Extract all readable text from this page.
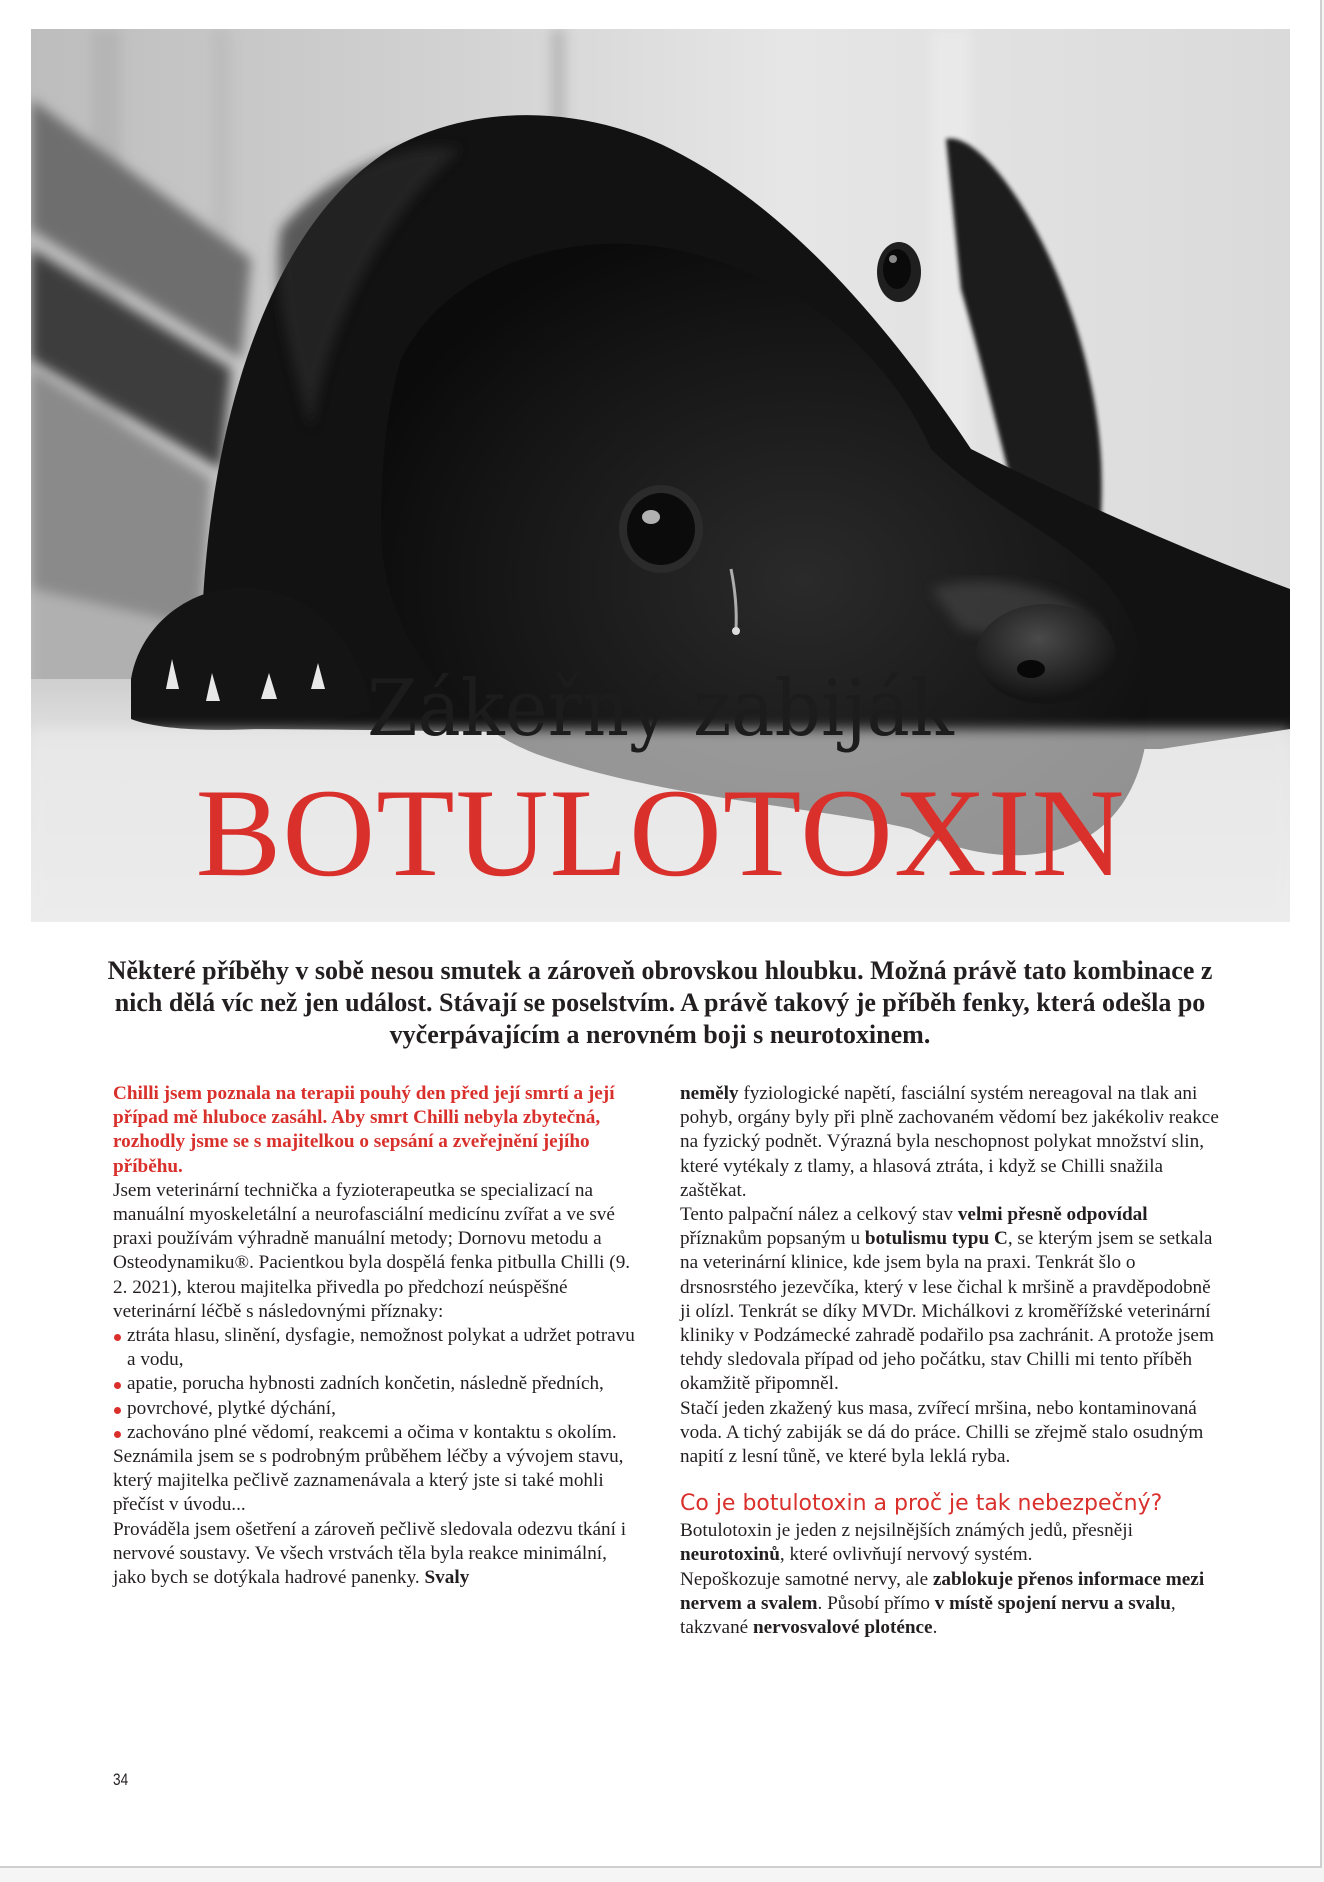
Zákeřný zabiják
BOTULOTOXIN
Některé příběhy v sobě nesou smutek a zároveň obrovskou hloubku. Možná právě tato kombinace z nich dělá víc než jen událost. Stávají se poselstvím. A právě takový je příběh fenky, která odešla po vyčerpávajícím a nerovném boji s neurotoxinem.

Chilli jsem poznala na terapii pouhý den před její smrtí a její případ mě hluboce zasáhl. Aby smrt Chilli nebyla zbytečná, rozhodly jsme se s majitelkou o sepsání a zveřejnění jejího příběhu.

Jsem veterinární technička a fyzioterapeutka se specializací na manuální myoskeletální a neurofasciální medicínu zvířat a ve své praxi používám výhradně manuální metody; Dornovu metodu a Osteodynamiku®. Pacientkou byla dospělá fenka pitbulla Chilli (9. 2. 2021), kterou majitelka přivedla po předchozí neúspěšné veterinární léčbě s následovnými příznaky:

ztráta hlasu, slinění, dysfagie, nemožnost polykat a udržet potravu a vodu,
apatie, porucha hybnosti zadních končetin, následně předních,
povrchové, plytké dýchání,
zachováno plné vědomí, reakcemi a očima v kontaktu s okolím.

Seznámila jsem se s podrobným průběhem léčby a vývojem stavu, který majitelka pečlivě zaznamenávala a který jste si také mohli přečíst v úvodu...

Prováděla jsem ošetření a zároveň pečlivě sledovala odezvu tkání i nervové soustavy. Ve všech vrstvách těla byla reakce minimální, jako bych se dotýkala hadrové panenky. Svaly

neměly fyziologické napětí, fasciální systém nereagoval na tlak ani pohyb, orgány byly při plně zachovaném vědomí bez jakékoliv reakce na fyzický podnět. Výrazná byla neschopnost polykat množství slin, které vytékaly z tlamy, a hlasová ztráta, i když se Chilli snažila zaštěkat.

Tento palpační nález a celkový stav velmi přesně odpovídal příznakům popsaným u botulismu typu C, se kterým jsem se setkala na veterinární klinice, kde jsem byla na praxi. Tenkrát šlo o drsnosrstého jezevčíka, který v lese čichal k mršině a pravděpodobně ji olízl. Tenkrát se díky MVDr. Michálkovi z kroměřížské veterinární kliniky v Podzámecké zahradě podařilo psa zachránit. A protože jsem tehdy sledovala případ od jeho počátku, stav Chilli mi tento příběh okamžitě připomněl.

Stačí jeden zkažený kus masa, zvířecí mršina, nebo kontaminovaná voda. A tichý zabiják se dá do práce. Chilli se zřejmě stalo osudným napití z lesní tůně, ve které byla leklá ryba.

Co je botulotoxin a proč je tak nebezpečný?

Botulotoxin je jeden z nejsilnějších známých jedů, přesněji neurotoxinů, které ovlivňují nervový systém.

Nepoškozuje samotné nervy, ale zablokuje přenos informace mezi nervem a svalem. Působí přímo v místě spojení nervu a svalu, takzvané nervosvalové ploténce.

34
